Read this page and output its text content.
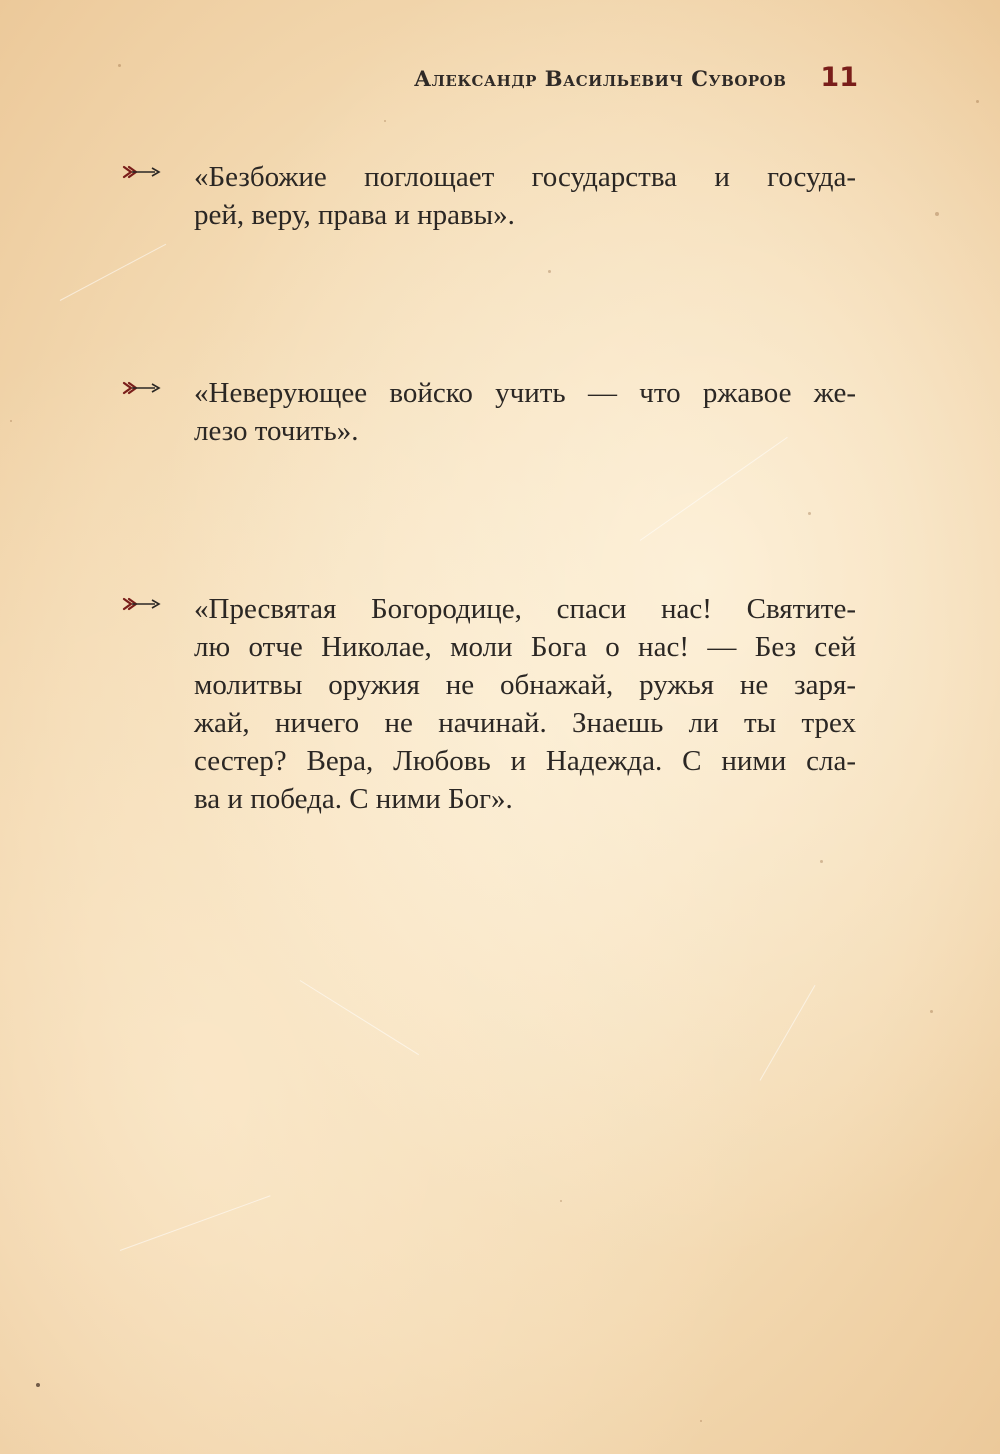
Александр Васильевич Суворов 11

«Безбожие поглощает государства и госуда-
рей, веру, права и нравы».

«Неверующее войско учить — что ржавое же-
лезо точить».

«Пресвятая Богородице, спаси нас! Святите-
лю отче Николае, моли Бога о нас! — Без сей
молитвы оружия не обнажай, ружья не заря-
жай, ничего не начинай. Знаешь ли ты трех
сестер? Вера, Любовь и Надежда. С ними сла-
ва и победа. С ними Бог».
